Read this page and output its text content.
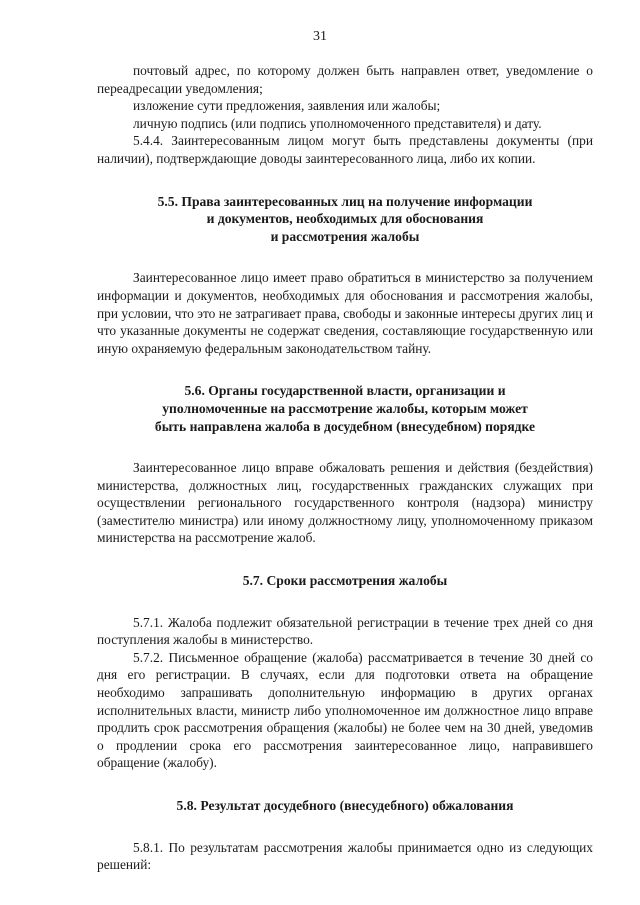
31

почтовый адрес, по которому должен быть направлен ответ, уведомление о переадресации уведомления;

изложение сути предложения, заявления или жалобы;

личную подпись (или подпись уполномоченного представителя) и дату.

5.4.4. Заинтересованным лицом могут быть представлены документы (при наличии), подтверждающие доводы заинтересованного лица, либо их копии.

5.5. Права заинтересованных лиц на получение информации
и документов, необходимых для обоснования
и рассмотрения жалобы

Заинтересованное лицо имеет право обратиться в министерство за получением информации и документов, необходимых для обоснования и рассмотрения жалобы, при условии, что это не затрагивает права, свободы и законные интересы других лиц и что указанные документы не содержат сведения, составляющие государственную или иную охраняемую федеральным законодательством тайну.

5.6. Органы государственной власти, организации и
уполномоченные на рассмотрение жалобы, которым может
быть направлена жалоба в досудебном (внесудебном) порядке

Заинтересованное лицо вправе обжаловать решения и действия (бездействия) министерства, должностных лиц, государственных гражданских служащих при осуществлении регионального государственного контроля (надзора) министру (заместителю министра) или иному должностному лицу, уполномоченному приказом министерства на рассмотрение жалоб.

5.7. Сроки рассмотрения жалобы

5.7.1. Жалоба подлежит обязательной регистрации в течение трех дней со дня поступления жалобы в министерство.

5.7.2. Письменное обращение (жалоба) рассматривается в течение 30 дней со дня его регистрации. В случаях, если для подготовки ответа на обращение необходимо запрашивать дополнительную информацию в других органах исполнительных власти, министр либо уполномоченное им должностное лицо вправе продлить срок рассмотрения обращения (жалобы) не более чем на 30 дней, уведомив о продлении срока его рассмотрения заинтересованное лицо, направившего обращение (жалобу).

5.8. Результат досудебного (внесудебного) обжалования

5.8.1. По результатам рассмотрения жалобы принимается одно из следующих решений:
